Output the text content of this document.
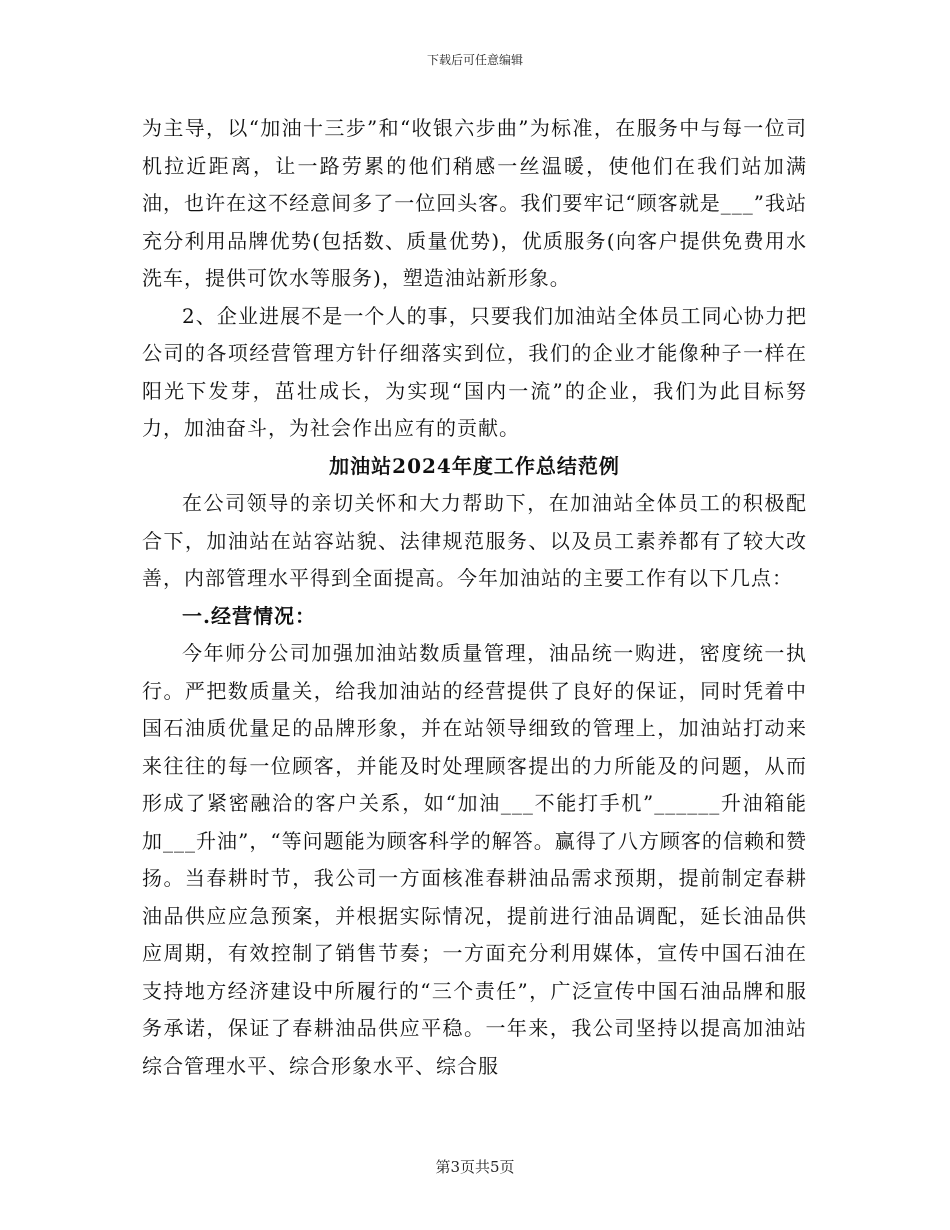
下载后可任意编辑

为主导，以“加油十三步”和“收银六步曲”为标准，在服务中与每一位司机拉近距离，让一路劳累的他们稍感一丝温暖，使他们在我们站加满油，也许在这不经意间多了一位回头客。我们要牢记“顾客就是___”我站充分利用品牌优势(包括数、质量优势)，优质服务(向客户提供免费用水洗车，提供可饮水等服务)，塑造油站新形象。

2、企业进展不是一个人的事，只要我们加油站全体员工同心协力把公司的各项经营管理方针仔细落实到位，我们的企业才能像种子一样在阳光下发芽，茁壮成长，为实现“国内一流”的企业，我们为此目标努力，加油奋斗，为社会作出应有的贡献。

加油站2024年度工作总结范例

在公司领导的亲切关怀和大力帮助下，在加油站全体员工的积极配合下，加油站在站容站貌、法律规范服务、以及员工素养都有了较大改善，内部管理水平得到全面提高。今年加油站的主要工作有以下几点：

一.经营情况：

今年师分公司加强加油站数质量管理，油品统一购进，密度统一执行。严把数质量关，给我加油站的经营提供了良好的保证，同时凭着中国石油质优量足的品牌形象，并在站领导细致的管理上，加油站打动来来往往的每一位顾客，并能及时处理顾客提出的力所能及的问题，从而形成了紧密融洽的客户关系，如“加油___不能打手机”______升油箱能加___升油”，“等问题能为顾客科学的解答。赢得了八方顾客的信赖和赞扬。当春耕时节，我公司一方面核准春耕油品需求预期，提前制定春耕油品供应应急预案，并根据实际情况，提前进行油品调配，延长油品供应周期，有效控制了销售节奏；一方面充分利用媒体，宣传中国石油在支持地方经济建设中所履行的“三个责任”，广泛宣传中国石油品牌和服务承诺，保证了春耕油品供应平稳。一年来，我公司坚持以提高加油站综合管理水平、综合形象水平、综合服

第3页共5页
